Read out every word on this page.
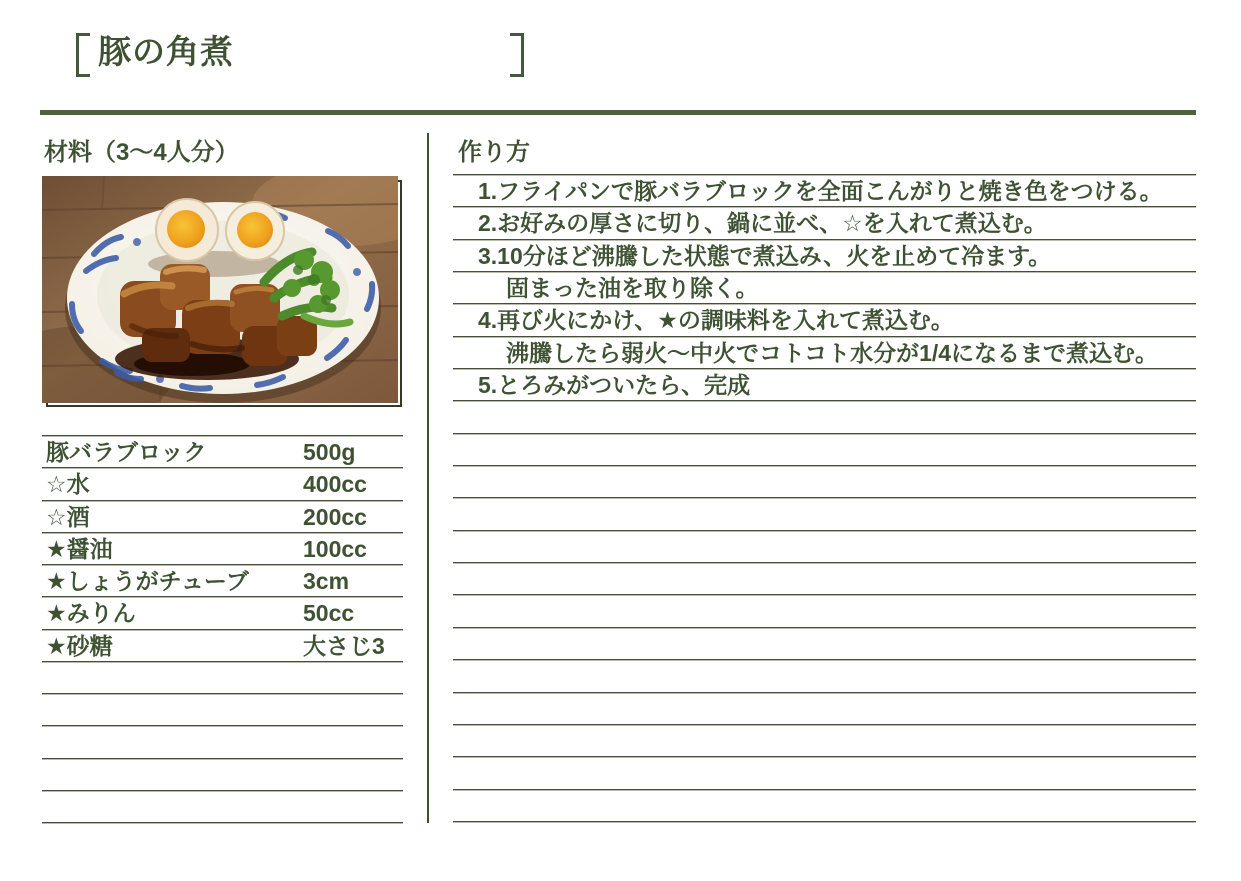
豚の角煮
材料（3〜4人分）	作り方
豚バラブロック	500g
☆水	400cc
☆酒	200cc
★醤油	100cc
★しょうがチューブ 3cm
★みりん	50cc
★砂糖	大さじ3
1.フライパンで豚バラブロックを全面こんがりと焼き色をつける。
2.お好みの厚さに切り、鍋に並べ、☆を入れて煮込む。
3.10分ほど沸騰した状態で煮込み、火を止めて冷ます。
固まった油を取り除く。
4.再び火にかけ、★の調味料を入れて煮込む。
沸騰したら弱火〜中火でコトコト水分が1/4になるまで煮込む。
5.とろみがついたら、完成
